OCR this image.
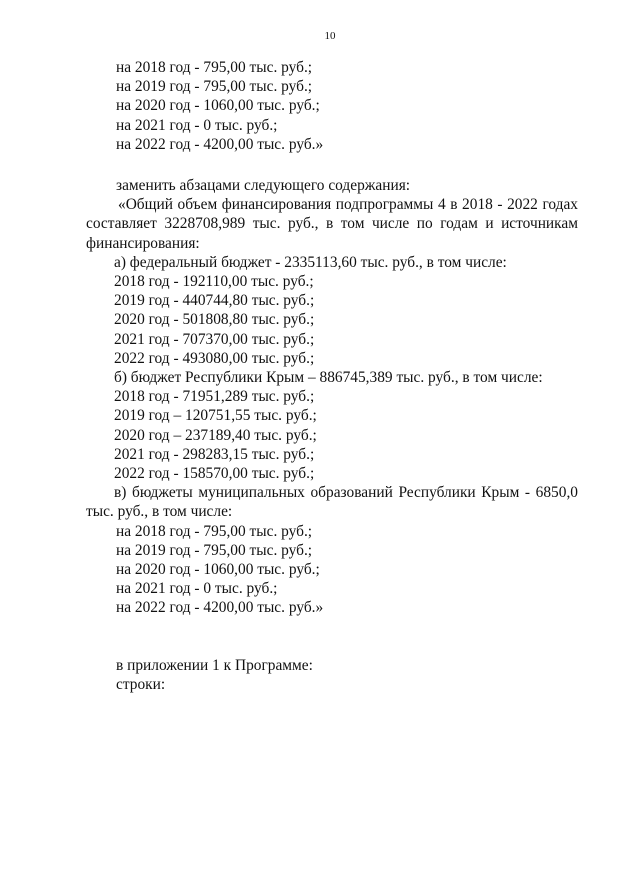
10
на 2018 год - 795,00 тыс. руб.;
на 2019 год - 795,00 тыс. руб.;
на 2020 год - 1060,00 тыс. руб.;
на 2021 год - 0 тыс. руб.;
на 2022 год - 4200,00 тыс. руб.»
заменить абзацами следующего содержания:
«Общий объем финансирования подпрограммы 4 в 2018 - 2022 годах
составляет 3228708,989 тыс. руб., в том числе по годам и источникам
финансирования:
а) федеральный бюджет - 2335113,60 тыс. руб., в том числе:
2018 год - 192110,00 тыс. руб.;
2019 год - 440744,80 тыс. руб.;
2020 год - 501808,80 тыс. руб.;
2021 год - 707370,00 тыс. руб.;
2022 год - 493080,00 тыс. руб.;
б) бюджет Республики Крым – 886745,389 тыс. руб., в том числе:
2018 год - 71951,289 тыс. руб.;
2019 год – 120751,55 тыс. руб.;
2020 год – 237189,40 тыс. руб.;
2021 год - 298283,15 тыс. руб.;
2022 год - 158570,00 тыс. руб.;
в) бюджеты муниципальных образований Республики Крым - 6850,0
тыс. руб., в том числе:
на 2018 год - 795,00 тыс. руб.;
на 2019 год - 795,00 тыс. руб.;
на 2020 год - 1060,00 тыс. руб.;
на 2021 год - 0 тыс. руб.;
на 2022 год - 4200,00 тыс. руб.»
в приложении 1 к Программе:
строки:
